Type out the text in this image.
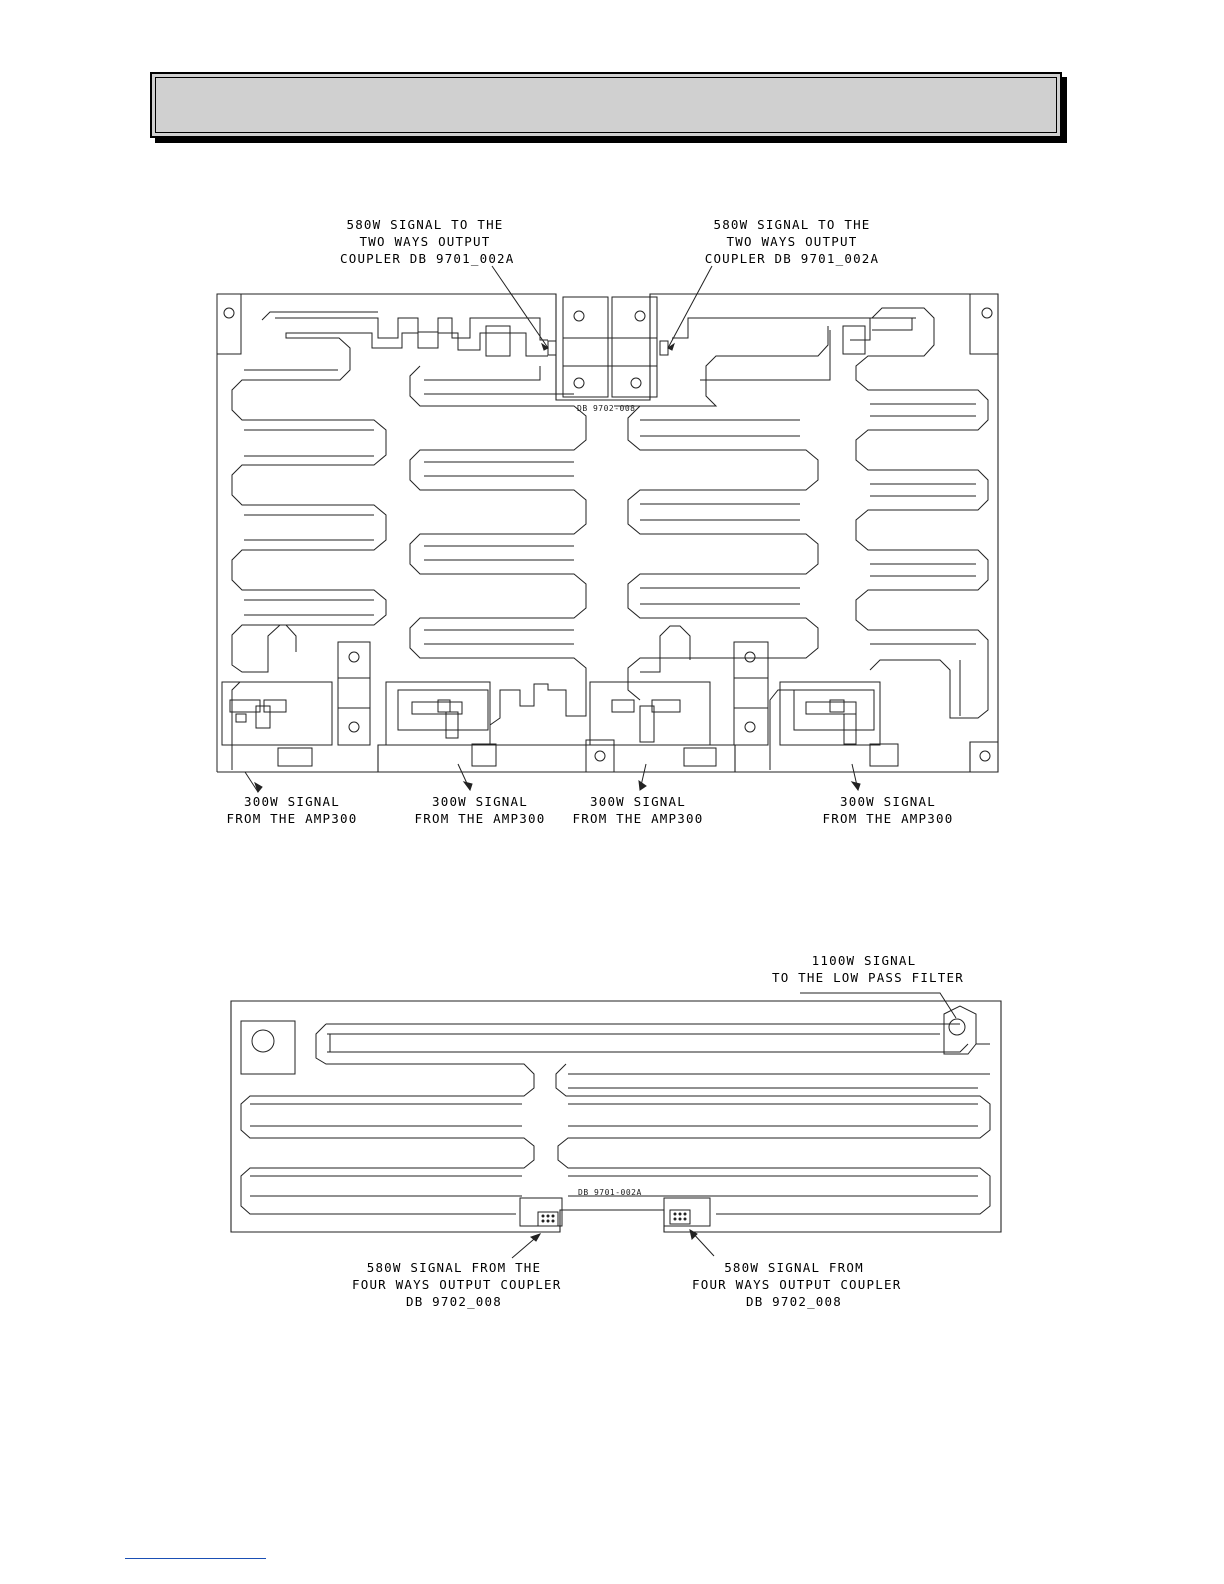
DB 9702-008
DB 9701-002A
580W SIGNAL TO THE
TWO WAYS OUTPUT
COUPLER DB 9701_002A
580W SIGNAL TO THE
TWO WAYS OUTPUT
COUPLER DB 9701_002A
300W SIGNAL
FROM THE AMP300
300W SIGNAL
FROM THE AMP300
300W SIGNAL
FROM THE AMP300
300W SIGNAL
FROM THE AMP300
1100W SIGNAL
TO THE LOW PASS FILTER
580W SIGNAL FROM THE
FOUR WAYS OUTPUT COUPLER
DB 9702_008
580W SIGNAL FROM
FOUR WAYS OUTPUT COUPLER
DB 9702_008
